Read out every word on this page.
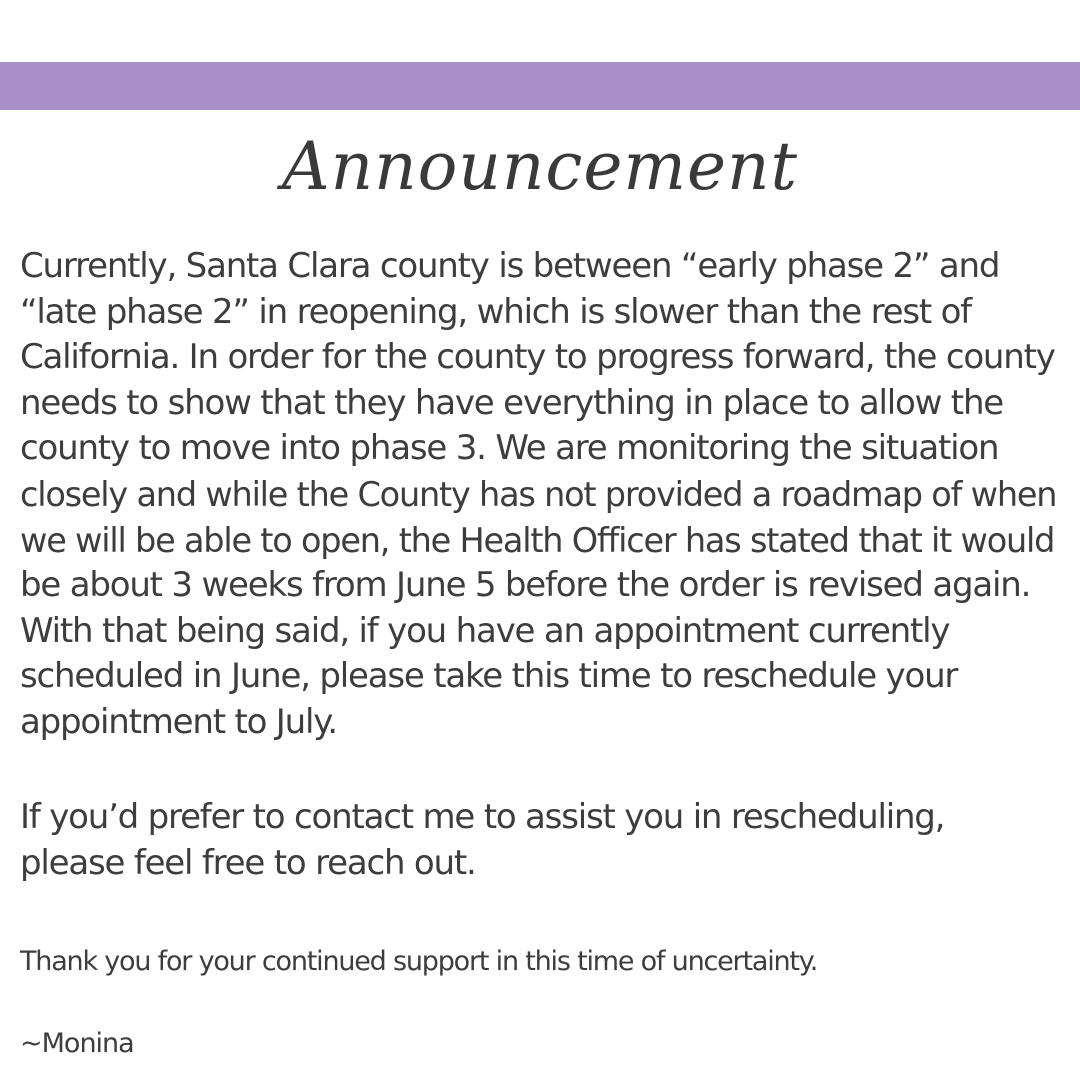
Announcement
Currently, Santa Clara county is between “early phase 2” and
“late phase 2” in reopening, which is slower than the rest of
California. In order for the county to progress forward, the county
needs to show that they have everything in place to allow the
county to move into phase 3. We are monitoring the situation
closely and while the County has not provided a roadmap of when
we will be able to open, the Health Officer has stated that it would
be about 3 weeks from June 5 before the order is revised again.
With that being said, if you have an appointment currently
scheduled in June, please take this time to reschedule your
appointment to July.
If you’d prefer to contact me to assist you in rescheduling,
please feel free to reach out.
Thank you for your continued support in this time of uncertainty.
~Monina
